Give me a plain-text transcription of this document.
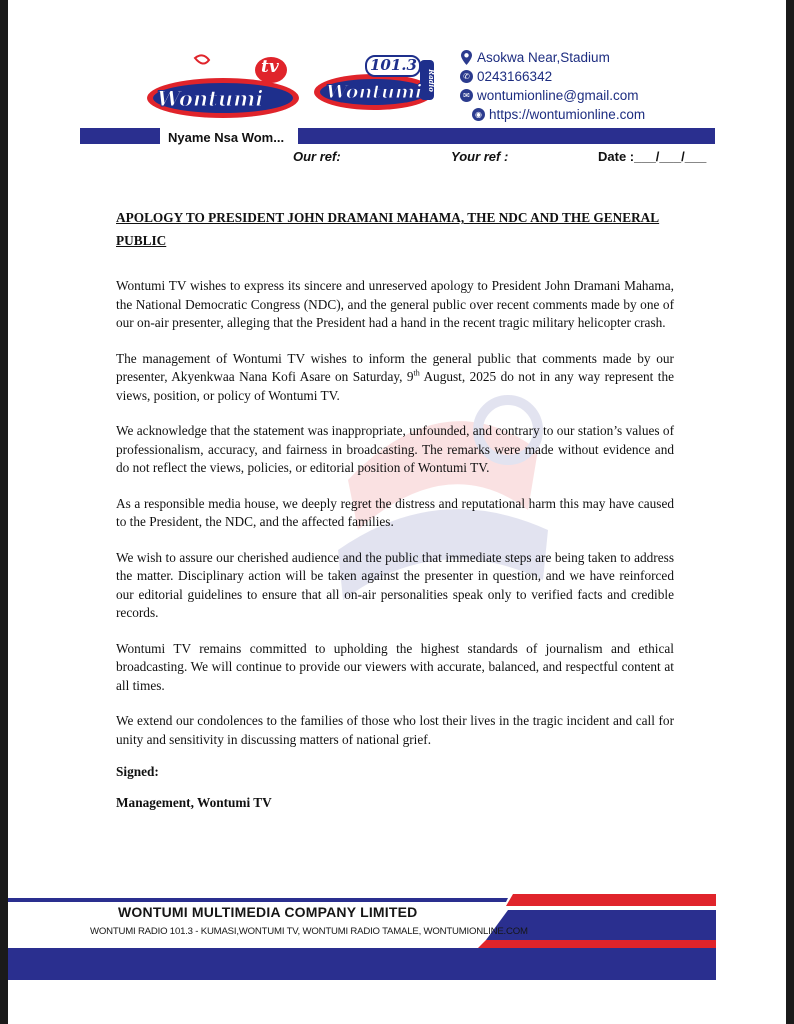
tv
Wontumi
101.3
Wontumi
Radio
Asokwa Near,Stadium
✆ 0243166342
✉ wontumionline@gmail.com
◉ https://wontumionline.com
Nyame Nsa Wom...
Our ref:	Your ref :	Date :___/___/___
APOLOGY TO PRESIDENT JOHN DRAMANI MAHAMA, THE NDC AND THE GENERAL PUBLIC

Wontumi TV wishes to express its sincere and unreserved apology to President John Dramani Mahama, the National Democratic Congress (NDC), and the general public over recent comments made by one of our on-air presenter, alleging that the President had a hand in the recent tragic military helicopter crash.

The management of Wontumi TV wishes to inform the general public that comments made by our presenter, Akyenkwaa Nana Kofi Asare on Saturday, 9th August, 2025 do not in any way represent the views, position, or policy of Wontumi TV.

We acknowledge that the statement was inappropriate, unfounded, and contrary to our station’s values of professionalism, accuracy, and fairness in broadcasting. The remarks were made without evidence and do not reflect the views, policies, or editorial position of Wontumi TV.

As a responsible media house, we deeply regret the distress and reputational harm this may have caused to the President, the NDC, and the affected families.

We wish to assure our cherished audience and the public that immediate steps are being taken to address the matter. Disciplinary action will be taken against the presenter in question, and we have reinforced our editorial guidelines to ensure that all on-air personalities speak only to verified facts and credible records.

Wontumi TV remains committed to upholding the highest standards of journalism and ethical broadcasting. We will continue to provide our viewers with accurate, balanced, and respectful content at all times.

We extend our condolences to the families of those who lost their lives in the tragic incident and call for unity and sensitivity in discussing matters of national grief.

Signed:

Management, Wontumi TV

WONTUMI MULTIMEDIA COMPANY LIMITED
WONTUMI RADIO 101.3 - KUMASI,WONTUMI TV, WONTUMI RADIO TAMALE, WONTUMIONLINE.COM
